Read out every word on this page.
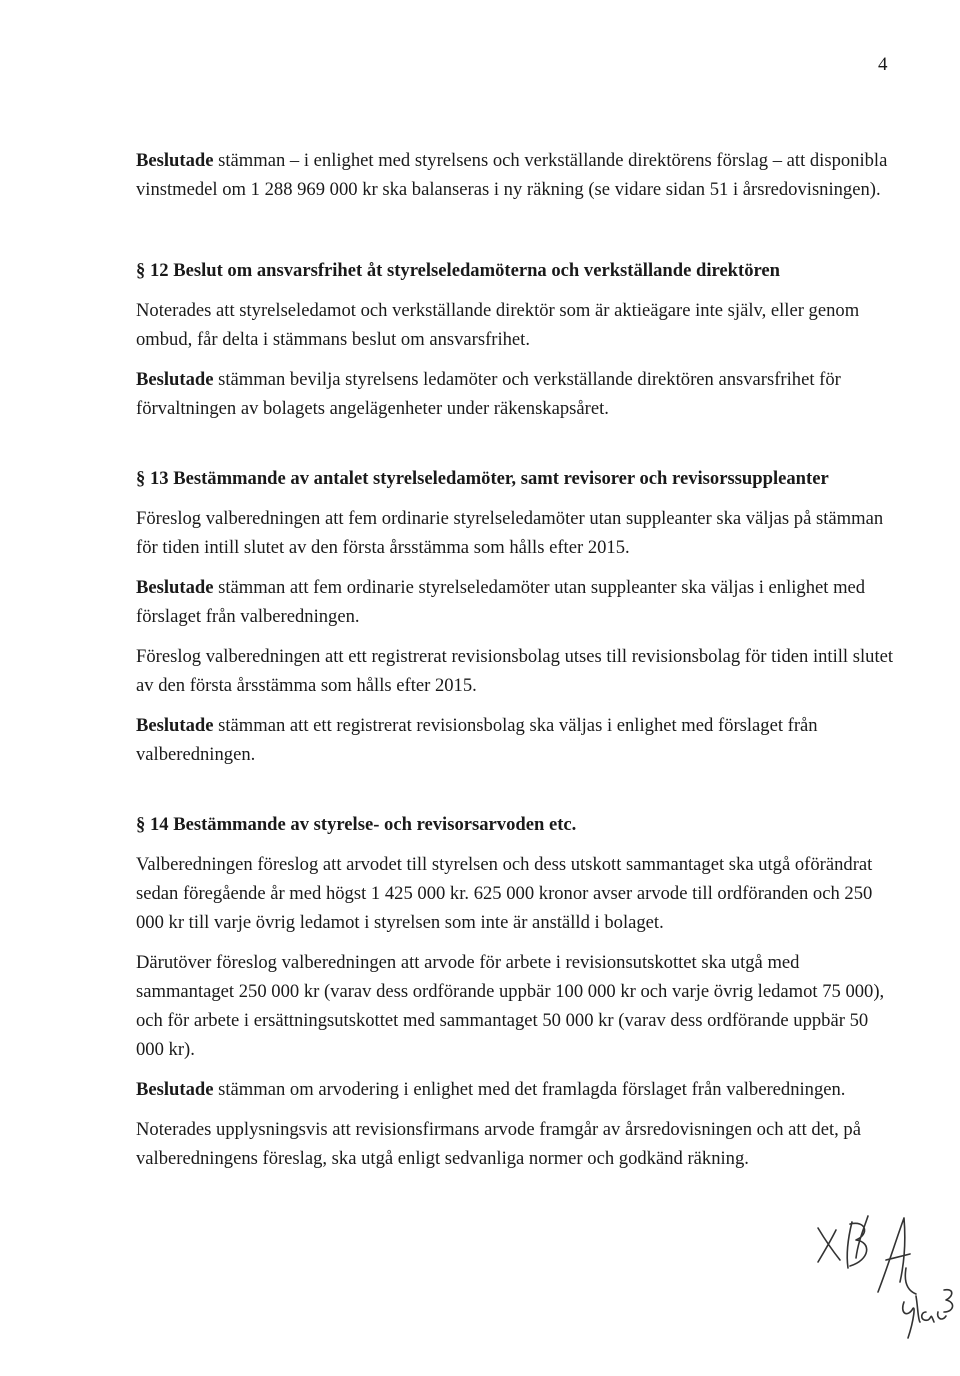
4

Beslutade stämman – i enlighet med styrelsens och verkställande direktörens förslag – att disponibla vinstmedel om 1 288 969 000 kr ska balanseras i ny räkning (se vidare sidan 51 i årsredovisningen).

§ 12 Beslut om ansvarsfrihet åt styrelseledamöterna och verkställande direktören

Noterades att styrelseledamot och verkställande direktör som är aktieägare inte själv, eller genom ombud, får delta i stämmans beslut om ansvarsfrihet.

Beslutade stämman bevilja styrelsens ledamöter och verkställande direktören ansvarsfrihet för förvaltningen av bolagets angelägenheter under räkenskapsåret.

§ 13 Bestämmande av antalet styrelseledamöter, samt revisorer och revisorssuppleanter

Föreslog valberedningen att fem ordinarie styrelseledamöter utan suppleanter ska väljas på stämman för tiden intill slutet av den första årsstämma som hålls efter 2015.

Beslutade stämman att fem ordinarie styrelseledamöter utan suppleanter ska väljas i enlighet med förslaget från valberedningen.

Föreslog valberedningen att ett registrerat revisionsbolag utses till revisionsbolag för tiden intill slutet av den första årsstämma som hålls efter 2015.

Beslutade stämman att ett registrerat revisionsbolag ska väljas i enlighet med förslaget från valberedningen.

§ 14 Bestämmande av styrelse- och revisorsarvoden etc.

Valberedningen föreslog att arvodet till styrelsen och dess utskott sammantaget ska utgå oförändrat sedan föregående år med högst 1 425 000 kr. 625 000 kronor avser arvode till ordföranden och 250 000 kr till varje övrig ledamot i styrelsen som inte är anställd i bolaget.

Därutöver föreslog valberedningen att arvode för arbete i revisionsutskottet ska utgå med sammantaget 250 000 kr (varav dess ordförande uppbär 100 000 kr och varje övrig ledamot 75 000), och för arbete i ersättningsutskottet med sammantaget 50 000 kr (varav dess ordförande uppbär 50 000 kr).

Beslutade stämman om arvodering i enlighet med det framlagda förslaget från valberedningen.

Noterades upplysningsvis att revisionsfirmans arvode framgår av årsredovisningen och att det, på valberedningens föreslag, ska utgå enligt sedvanliga normer och godkänd räkning.
